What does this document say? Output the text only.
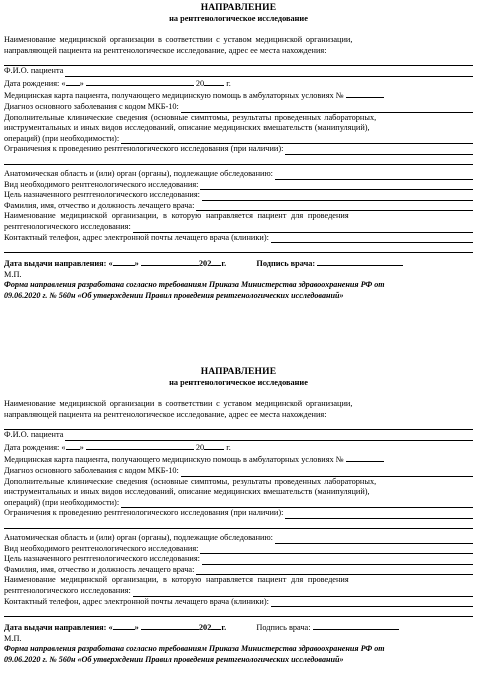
НАПРАВЛЕНИЕ
на рентгенологическое исследование
Наименование медицинской организации в соответствии с уставом медицинской организации,
направляющей пациента на рентгенологическое исследование, адрес ее места нахождения:
Ф.И.О. пациента
Дата рождения: « »	20	г.
Медицинская карта пациента, получающего медицинскую помощь в амбулаторных условиях №
Диагноз основного заболевания с кодом МКБ-10:
Дополнительные клинические сведения (основные симптомы, результаты проведенных лабораторных,
инструментальных и иных видов исследований, описание медицинских вмешательств (манипуляций),
операций) (при необходимости):
Ограничения к проведению рентгенологического исследования (при наличии):
Анатомическая область и (или) орган (органы), подлежащие обследованию:
Вид необходимого рентгенологического исследования:
Цель назначенного рентгенологического исследования:
Фамилия, имя, отчество и должность лечащего врача:
Наименование медицинской организации, в которую направляется пациент для проведения
рентгенологического исследования:
Контактный телефон, адрес электронной почты лечащего врача (клиники):
Дата выдачи направления: «	»	202 г.	Подпись врача:
М.П.
Форма направления разработана согласно требованиям Приказа Министерства здравоохранения РФ от
09.06.2020 г. № 560н «Об утверждении Правил проведения рентгенологических исследований»
НАПРАВЛЕНИЕ
на рентгенологическое исследование
Наименование медицинской организации в соответствии с уставом медицинской организации,
направляющей пациента на рентгенологическое исследование, адрес ее места нахождения:
Ф.И.О. пациента
Дата рождения: « »	20	г.
Медицинская карта пациента, получающего медицинскую помощь в амбулаторных условиях №
Диагноз основного заболевания с кодом МКБ-10:
Дополнительные клинические сведения (основные симптомы, результаты проведенных лабораторных,
инструментальных и иных видов исследований, описание медицинских вмешательств (манипуляций),
операций) (при необходимости):
Ограничения к проведению рентгенологического исследования (при наличии):
Анатомическая область и (или) орган (органы), подлежащие обследованию:
Вид необходимого рентгенологического исследования:
Цель назначенного рентгенологического исследования:
Фамилия, имя, отчество и должность лечащего врача:
Наименование медицинской организации, в которую направляется пациент для проведения
рентгенологического исследования:
Контактный телефон, адрес электронной почты лечащего врача (клиники):
Дата выдачи направления: «	»	202 г.	Подпись врача:
М.П.
Форма направления разработана согласно требованиям Приказа Министерства здравоохранения РФ от
09.06.2020 г. № 560н «Об утверждении Правил проведения рентгенологических исследований»
